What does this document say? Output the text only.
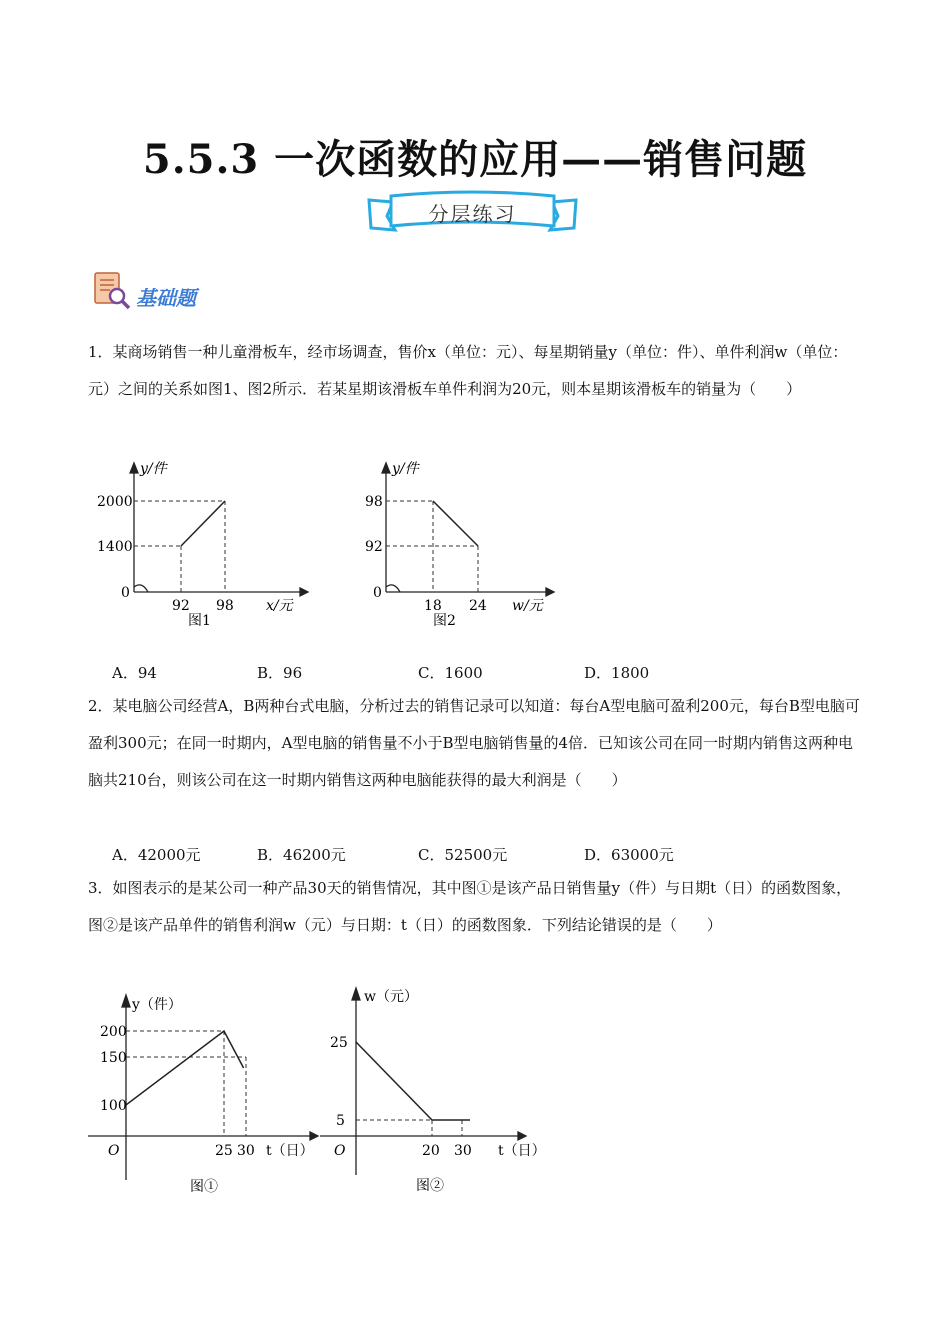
5.5.3 一次函数的应用——销售问题
分层练习
基础题
1．某商场销售一种儿童滑板车，经市场调查，售价x（单位：元）、每星期销量y（单位：件）、单件利润w（单位：元）之间的关系如图1、图2所示．若某星期该滑板车单件利润为20元，则本星期该滑板车的销量为（　　）
y/件
2000
1400
0
92 98 x/元
图1
y/件
98
92
0
18 24 w/元
图2
A．94	B．96	C．1600	D．1800
2．某电脑公司经营A，B两种台式电脑，分析过去的销售记录可以知道：每台A型电脑可盈利200元，每台B型电脑可盈利300元；在同一时期内，A型电脑的销售量不小于B型电脑销售量的4倍．已知该公司在同一时期内销售这两种电脑共210台，则该公司在这一时期内销售这两种电脑能获得的最大利润是（　　）
A．42000元	B．46200元	C．52500元	D．63000元
3．如图表示的是某公司一种产品30天的销售情况，其中图①是该产品日销售量y（件）与日期t（日）的函数图象，图②是该产品单件的销售利润w（元）与日期：t（日）的函数图象．下列结论错误的是（　　）
y（件）
200
150
100
O	25 30 t（日）
图①
w（元）
25
5
O	20 30 t（日）
图②
